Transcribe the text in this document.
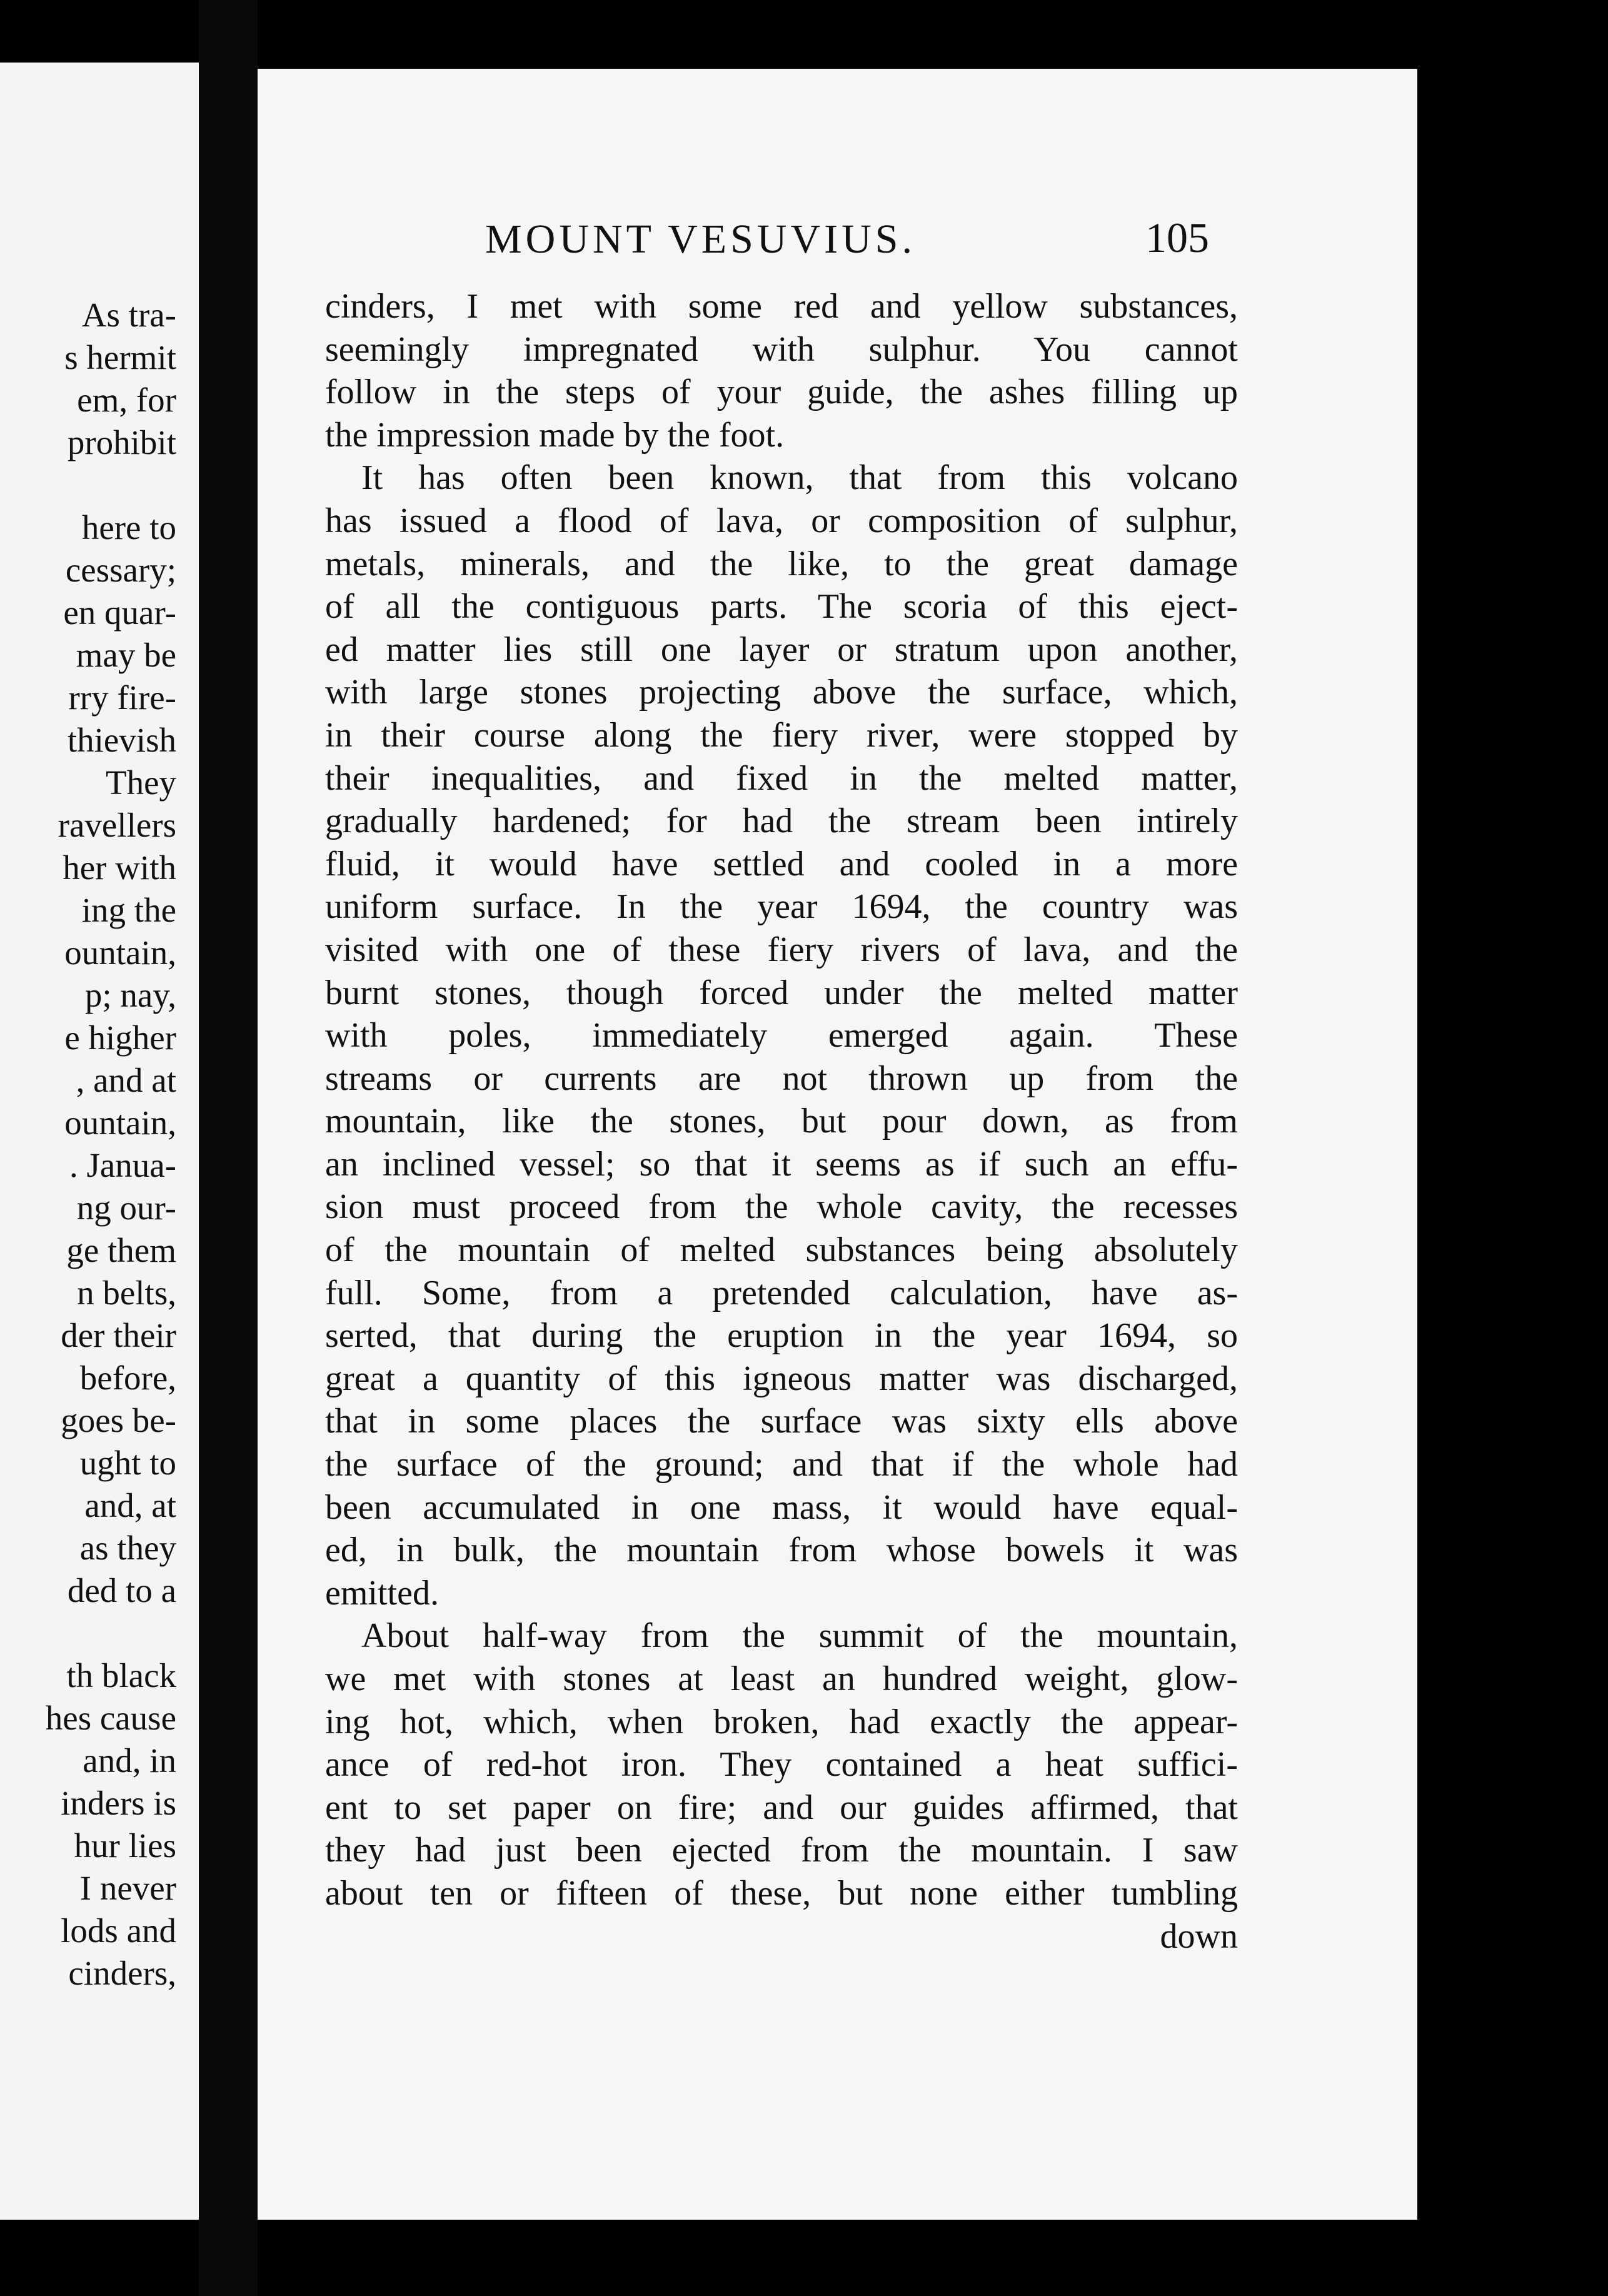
As tra-
s hermit
em, for
prohibit
here to
cessary;
en quar-
may be
rry fire-
thievish
They
ravellers
her with
ing the
ountain,
p; nay,
e higher
, and at
ountain,
. Janua-
ng our-
ge them
n belts,
der their
before,
goes be-
ught to
and, at
as they
ded to a
th black
hes cause
and, in
inders is
hur lies
I never
lods and
cinders,
MOUNT VESUVIUS.	105
cinders, I met with some red and yellow substances,
seemingly impregnated with sulphur. You cannot
follow in the steps of your guide, the ashes filling up
the impression made by the foot.
It has often been known, that from this volcano
has issued a flood of lava, or composition of sulphur,
metals, minerals, and the like, to the great damage
of all the contiguous parts. The scoria of this eject-
ed matter lies still one layer or stratum upon another,
with large stones projecting above the surface, which,
in their course along the fiery river, were stopped by
their inequalities, and fixed in the melted matter,
gradually hardened; for had the stream been intirely
fluid, it would have settled and cooled in a more
uniform surface. In the year 1694, the country was
visited with one of these fiery rivers of lava, and the
burnt stones, though forced under the melted matter
with poles, immediately emerged again. These
streams or currents are not thrown up from the
mountain, like the stones, but pour down, as from
an inclined vessel; so that it seems as if such an effu-
sion must proceed from the whole cavity, the recesses
of the mountain of melted substances being absolutely
full. Some, from a pretended calculation, have as-
serted, that during the eruption in the year 1694, so
great a quantity of this igneous matter was discharged,
that in some places the surface was sixty ells above
the surface of the ground; and that if the whole had
been accumulated in one mass, it would have equal-
ed, in bulk, the mountain from whose bowels it was
emitted.
About half-way from the summit of the mountain,
we met with stones at least an hundred weight, glow-
ing hot, which, when broken, had exactly the appear-
ance of red-hot iron. They contained a heat suffici-
ent to set paper on fire; and our guides affirmed, that
they had just been ejected from the mountain. I saw
about ten or fifteen of these, but none either tumbling
down
